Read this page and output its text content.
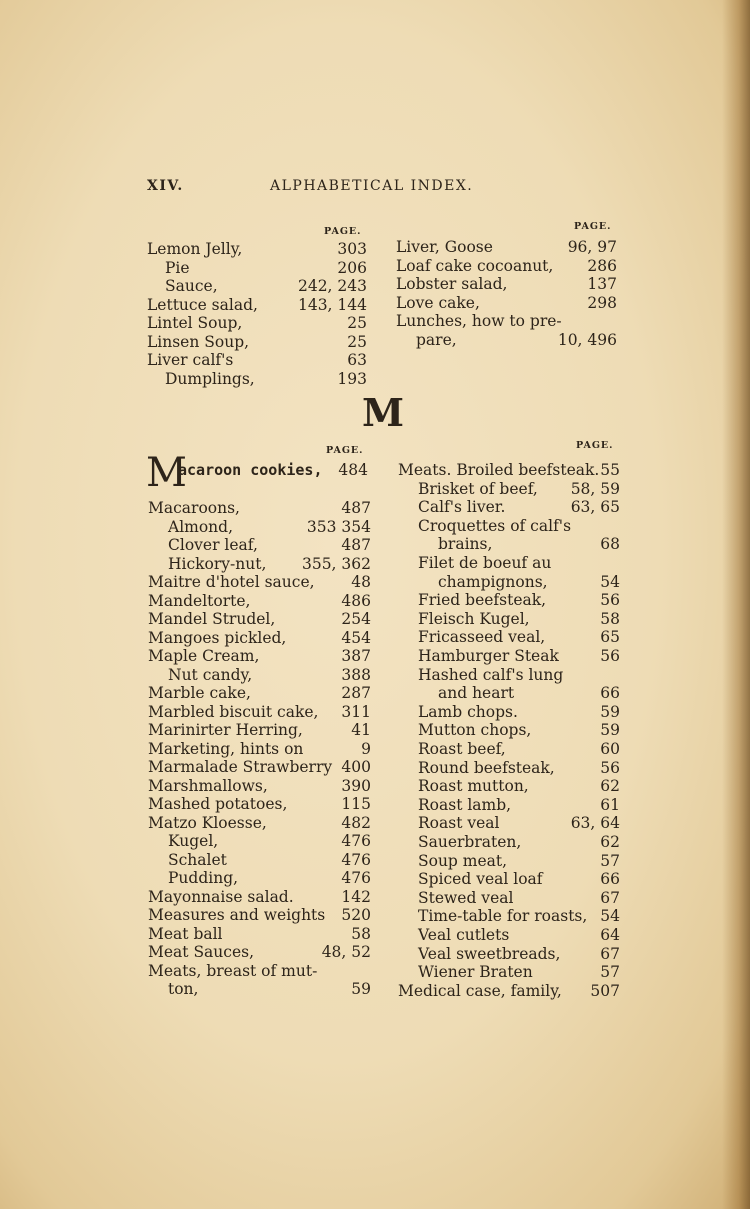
XIV.	ALPHABETICAL INDEX.
PAGE.
Lemon Jelly,	303
Pie	206
Sauce,	242, 243
Lettuce salad,	143, 144
Lintel Soup,	25
Linsen Soup,	25
Liver calf's	63
Dumplings,	193
PAGE.
Liver, Goose	96, 97
Loaf cake cocoanut, 286
Lobster salad,	137
Love cake,	298
Lunches, how to pre-
pare,	10, 496
M
PAGE.
M
acaroon cookies, 484
Macaroons,	487
Almond,	353 354
Clover leaf,	487
Hickory-nut, 355, 362
Maitre d'hotel sauce, 48
Mandeltorte,	486
Mandel Strudel,	254
Mangoes pickled,	454
Maple Cream,	387
Nut candy,	388
Marble cake,	287
Marbled biscuit cake, 311
Marinirter Herring,	41
Marketing, hints on	9
Marmalade Strawberry 400
Marshmallows,	390
Mashed potatoes,	115
Matzo Kloesse,	482
Kugel,	476
Schalet	476
Pudding,	476
Mayonnaise salad.	142
Measures and weights 520
Meat ball	58
Meat Sauces,	48, 52
Meats, breast of mut-
ton,	59
PAGE.
Meats. Broiled beefsteak. 55
Brisket of beef, 58, 59
Calf's liver.	63, 65
Croquettes of calf's
brains,	68
Filet de boeuf au
champignons,	54
Fried beefsteak,	56
Fleisch Kugel,	58
Fricasseed veal,	65
Hamburger Steak	56
Hashed calf's lung
and heart	66
Lamb chops.	59
Mutton chops,	59
Roast beef,	60
Round beefsteak,	56
Roast mutton,	62
Roast lamb,	61
Roast veal	63, 64
Sauerbraten,	62
Soup meat,	57
Spiced veal loaf	66
Stewed veal	67
Time-table for roasts, 54
Veal cutlets	64
Veal sweetbreads,	67
Wiener Braten	57
Medical case, family, 507
